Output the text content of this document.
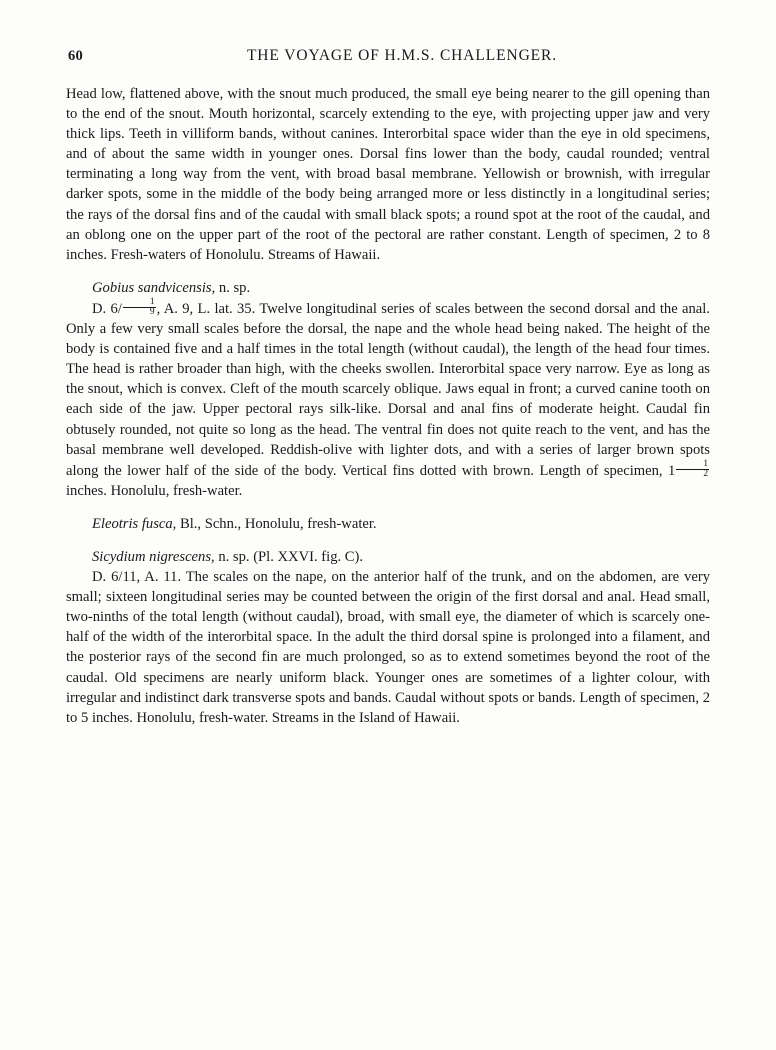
60	THE VOYAGE OF H.M.S. CHALLENGER.

Head low, flattened above, with the snout much produced, the small eye being nearer to the gill opening than to the end of the snout. Mouth horizontal, scarcely extending to the eye, with projecting upper jaw and very thick lips. Teeth in villiform bands, without canines. Interorbital space wider than the eye in old specimens, and of about the same width in younger ones. Dorsal fins lower than the body, caudal rounded; ventral terminating a long way from the vent, with broad basal membrane. Yellowish or brownish, with irregular darker spots, some in the middle of the body being arranged more or less distinctly in a longitudinal series; the rays of the dorsal fins and of the caudal with small black spots; a round spot at the root of the caudal, and an oblong one on the upper part of the root of the pectoral are rather constant. Length of specimen, 2 to 8 inches. Fresh-waters of Honolulu. Streams of Hawaii.

Gobius sandvicensis, n. sp.

D. $6/ \frac{1}{9}$ , A. 9, L. lat. 35. Twelve longitudinal series of scales between the second dorsal and the anal. Only a few very small scales before the dorsal, the nape and the whole head being naked. The height of the body is contained five and a half times in the total length (without caudal), the length of the head four times. The head is rather broader than high, with the cheeks swollen. Interorbital space very narrow. Eye as long as the snout, which is convex. Cleft of the mouth scarcely oblique. Jaws equal in front; a curved canine tooth on each side of the jaw. Upper pectoral rays silk-like. Dorsal and anal fins of moderate height. Caudal fin obtusely rounded, not quite so long as the head. The ventral fin does not quite reach to the vent, and has the basal membrane well developed. Reddish-olive with lighter dots, and with a series of larger brown spots along the lower half of the side of the body. Vertical fins dotted with brown. Length of specimen, $1 \frac{1}{2}$
inches. Honolulu, fresh-water.

Eleotris fusca, Bl., Schn., Honolulu, fresh-water.

Sicydium nigrescens, n. sp. (Pl. XXVI. fig. C).

D. 6/11, A. 11. The scales on the nape, on the anterior half of the trunk, and on the abdomen, are very small; sixteen longitudinal series may be counted between the origin of the first dorsal and anal. Head small, two-ninths of the total length (without caudal), broad, with small eye, the diameter of which is scarcely one-half of the width of the interorbital space. In the adult the third dorsal spine is prolonged into a filament, and the posterior rays of the second fin are much prolonged, so as to extend sometimes beyond the root of the caudal. Old specimens are nearly uniform black. Younger ones are sometimes of a lighter colour, with irregular and indistinct dark transverse spots and bands. Caudal without spots or bands. Length of specimen, 2 to 5 inches. Honolulu, fresh-water. Streams in the Island of Hawaii.
